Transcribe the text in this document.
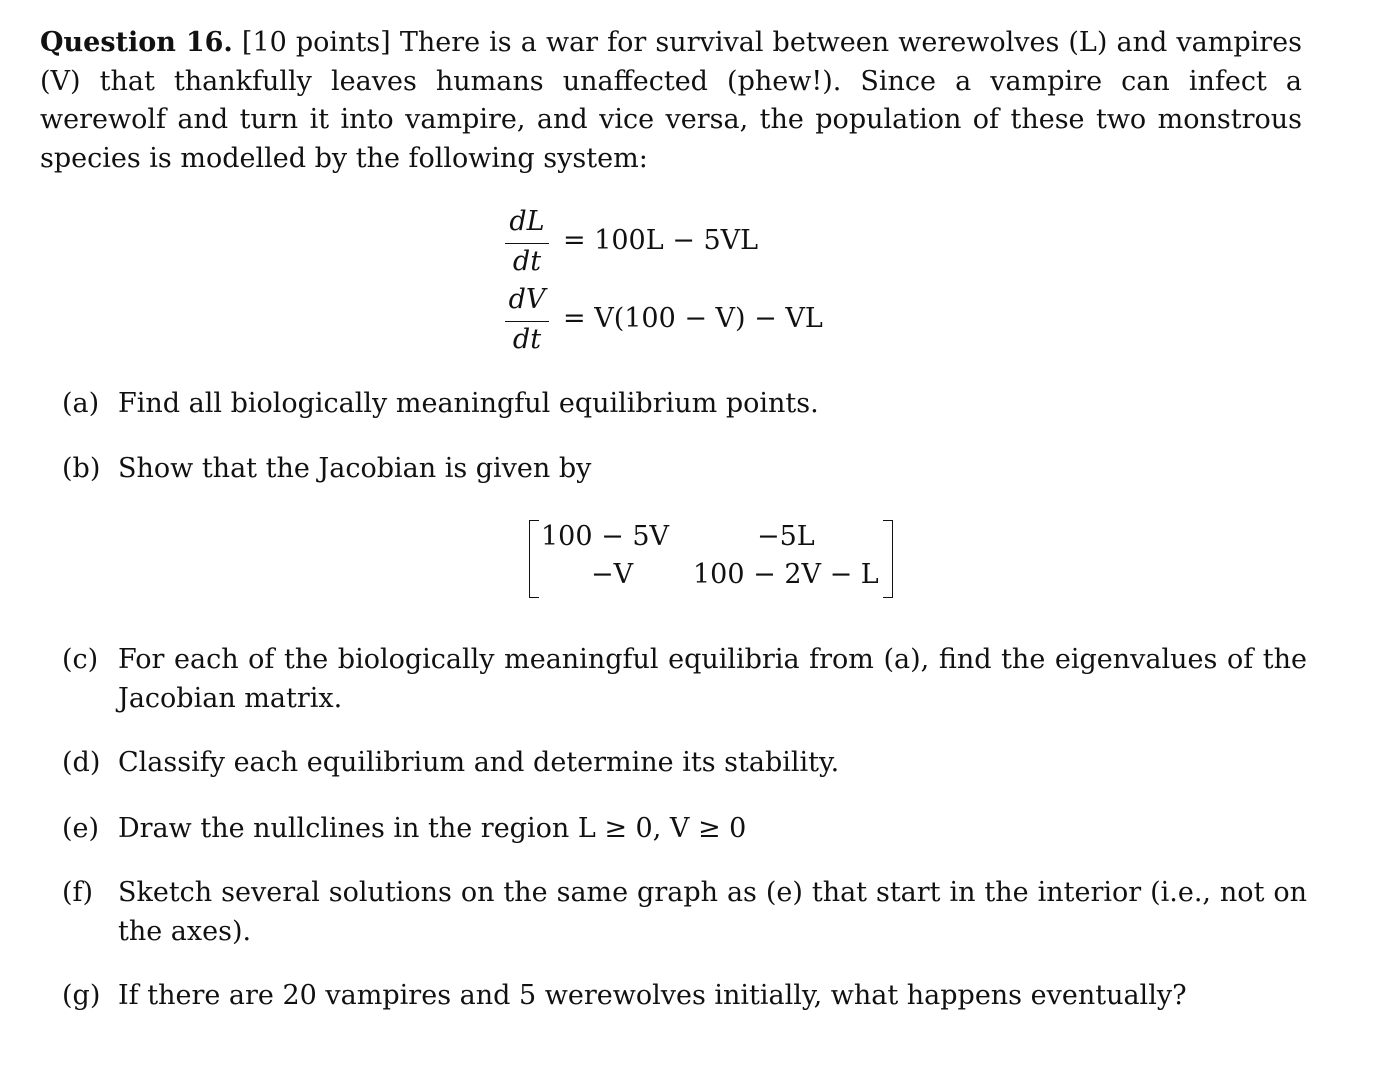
Question 16. [10 points] There is a war for survival between werewolves (L) and vampires (V) that thankfully leaves humans unaffected (phew!). Since a vampire can infect a werewolf and turn it into vampire, and vice versa, the population of these two monstrous species is modelled by the following system:

dL
dt
= 100L − 5VL
dV
dt
= V(100 − V) − VL
(a) Find all biologically meaningful equilibrium points.
(b) Show that the Jacobian is given by
100 − 5V	−5L
−V 100 − 2V − L
(c) For each of the biologically meaningful equilibria from (a), find the eigenvalues of the Jacobian matrix.
(d) Classify each equilibrium and determine its stability.
(e) Draw the nullclines in the region L ≥ 0, V ≥ 0
(f) Sketch several solutions on the same graph as (e) that start in the interior (i.e., not on the axes).
(g) If there are 20 vampires and 5 werewolves initially, what happens eventually?
